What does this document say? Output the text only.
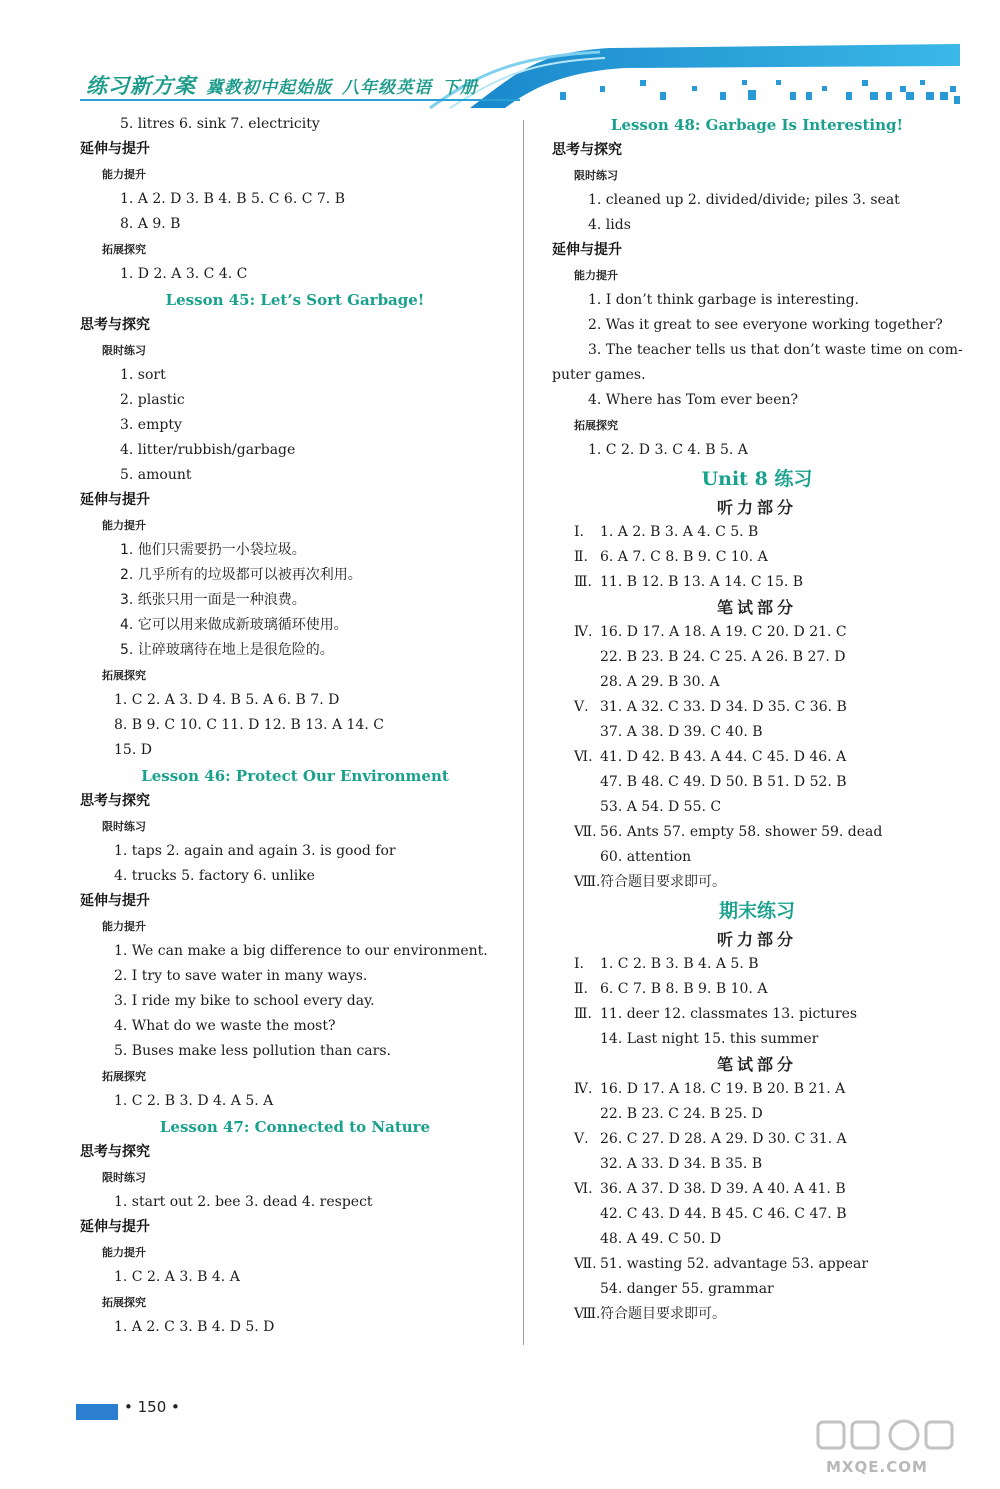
练习新方案 冀教初中起始版 八年级英语 下册
5. litres 6. sink 7. electricity
延伸与提升
能力提升
1. A 2. D 3. B 4. B 5. C 6. C 7. B
8. A 9. B
拓展探究
1. D 2. A 3. C 4. C
Lesson 45: Let’s Sort Garbage!
思考与探究
限时练习
1. sort
2. plastic
3. empty
4. litter/rubbish/garbage
5. amount
延伸与提升
能力提升
1. 他们只需要扔一小袋垃圾。
2. 几乎所有的垃圾都可以被再次利用。
3. 纸张只用一面是一种浪费。
4. 它可以用来做成新玻璃循环使用。
5. 让碎玻璃待在地上是很危险的。
拓展探究
1. C 2. A 3. D 4. B 5. A 6. B 7. D
8. B 9. C 10. C 11. D 12. B 13. A 14. C
15. D
Lesson 46: Protect Our Environment
思考与探究
限时练习
1. taps 2. again and again 3. is good for
4. trucks 5. factory 6. unlike
延伸与提升
能力提升
1. We can make a big difference to our environment.
2. I try to save water in many ways.
3. I ride my bike to school every day.
4. What do we waste the most?
5. Buses make less pollution than cars.
拓展探究
1. C 2. B 3. D 4. A 5. A
Lesson 47: Connected to Nature
思考与探究
限时练习
1. start out 2. bee 3. dead 4. respect
延伸与提升
能力提升
1. C 2. A 3. B 4. A
拓展探究
1. A 2. C 3. B 4. D 5. D
Lesson 48: Garbage Is Interesting!
思考与探究
限时练习
1. cleaned up 2. divided/divide; piles 3. seat
4. lids
延伸与提升
能力提升
1. I don’t think garbage is interesting.
2. Was it great to see everyone working together?
3. The teacher tells us that don’t waste time on com-
puter games.
4. Where has Tom ever been?
拓展探究
1. C 2. D 3. C 4. B 5. A
Unit 8 练习
听力部分
Ⅰ. 1. A 2. B 3. A 4. C 5. B
Ⅱ. 6. A 7. C 8. B 9. C 10. A
Ⅲ. 11. B 12. B 13. A 14. C 15. B
笔试部分
Ⅳ. 16. D 17. A 18. A 19. C 20. D 21. C
22. B 23. B 24. C 25. A 26. B 27. D
28. A 29. B 30. A
Ⅴ. 31. A 32. C 33. D 34. D 35. C 36. B
37. A 38. D 39. C 40. B
Ⅵ. 41. D 42. B 43. A 44. C 45. D 46. A
47. B 48. C 49. D 50. B 51. D 52. B
53. A 54. D 55. C
Ⅶ. 56. Ants 57. empty 58. shower 59. dead
60. attention
Ⅷ.符合题目要求即可。
期末练习
听力部分
Ⅰ. 1. C 2. B 3. B 4. A 5. B
Ⅱ. 6. C 7. B 8. B 9. B 10. A
Ⅲ. 11. deer 12. classmates 13. pictures
14. Last night 15. this summer
笔试部分
Ⅳ. 16. D 17. A 18. C 19. B 20. B 21. A
22. B 23. C 24. B 25. D
Ⅴ. 26. C 27. D 28. A 29. D 30. C 31. A
32. A 33. D 34. B 35. B
Ⅵ. 36. A 37. D 38. D 39. A 40. A 41. B
42. C 43. D 44. B 45. C 46. C 47. B
48. A 49. C 50. D
Ⅶ. 51. wasting 52. advantage 53. appear
54. danger 55. grammar
Ⅷ.符合题目要求即可。
• 150 •
MXQE.COM
